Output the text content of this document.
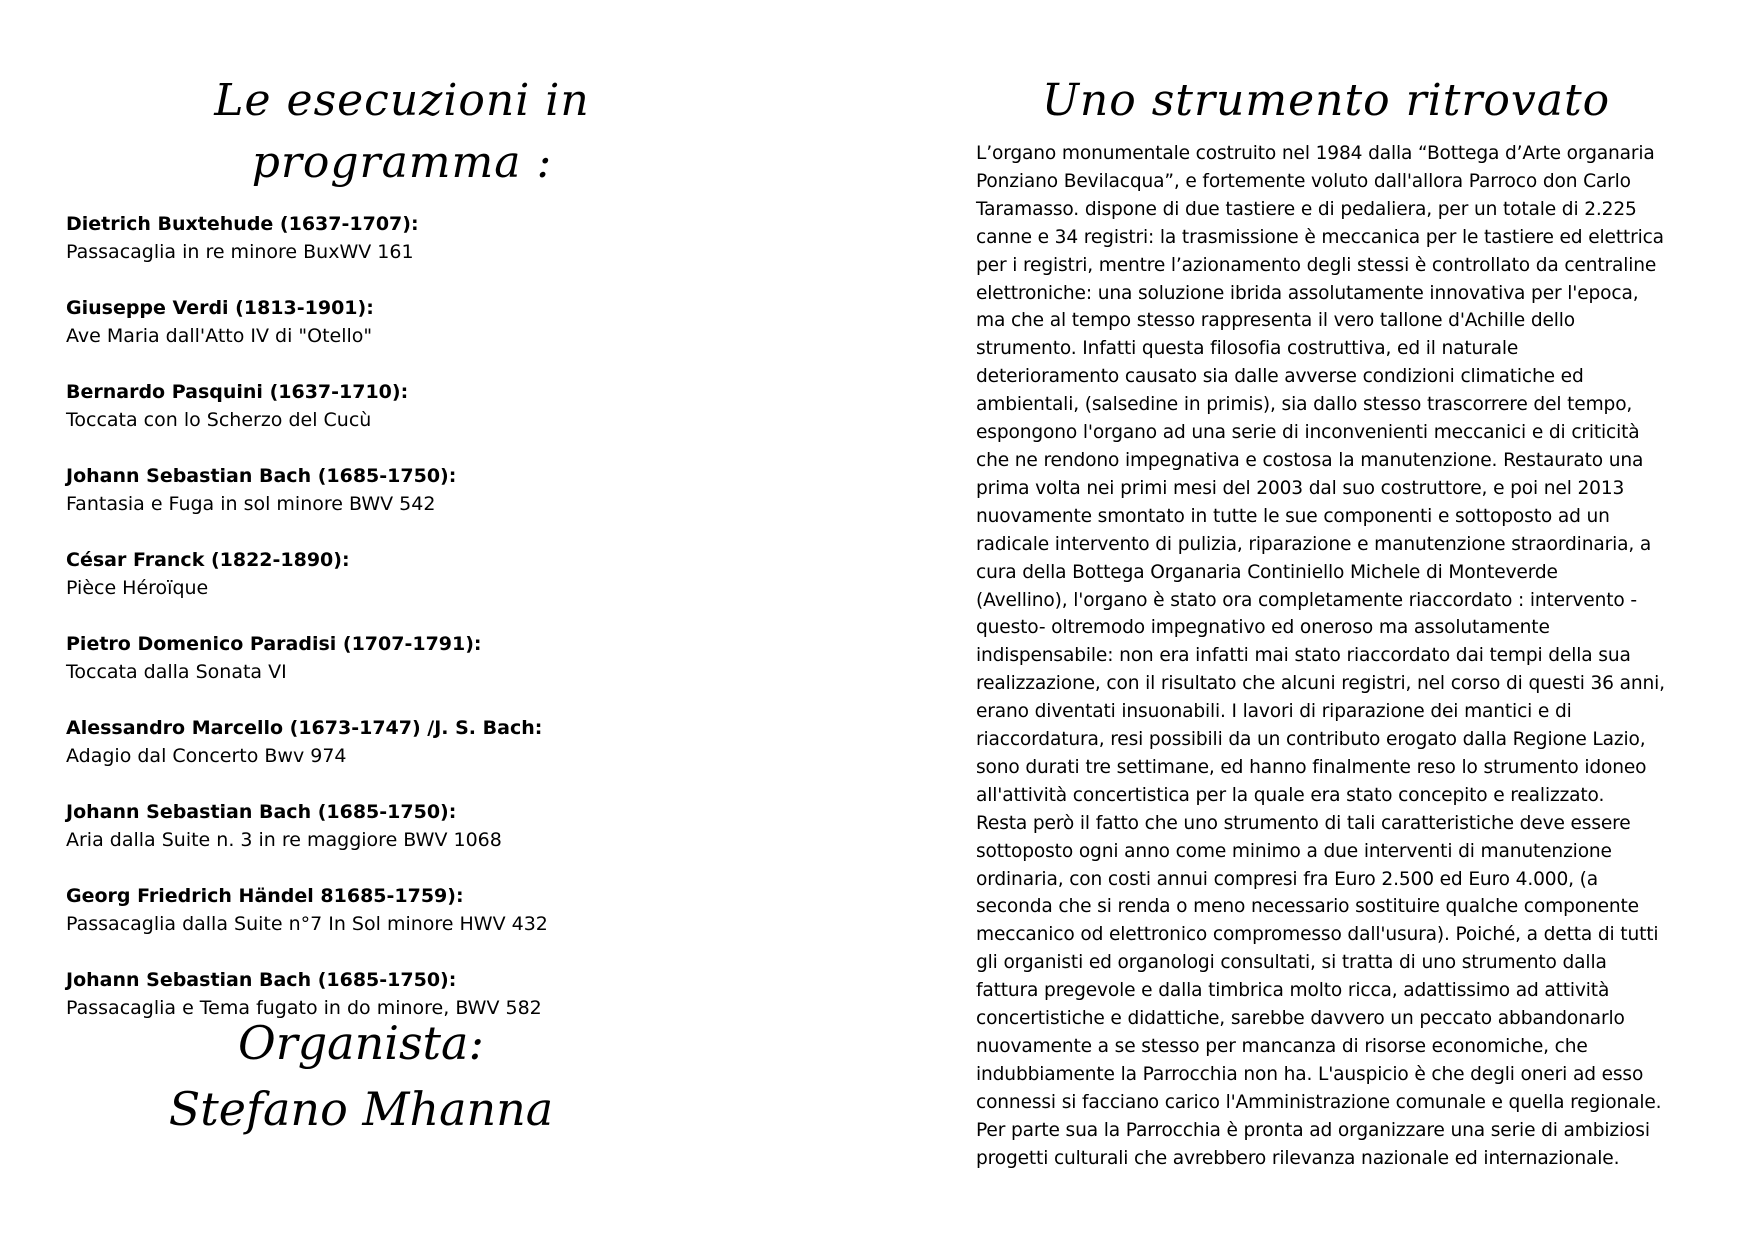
Le esecuzioni in programma :
Dietrich Buxtehude (1637-1707):
Passacaglia in re minore BuxWV 161
Giuseppe Verdi (1813-1901):
Ave Maria dall'Atto IV di "Otello"
Bernardo Pasquini (1637-1710):
Toccata con lo Scherzo del Cucù
Johann Sebastian Bach (1685-1750):
Fantasia e Fuga in sol minore BWV 542
César Franck (1822-1890):
Pièce Héroïque
Pietro Domenico Paradisi (1707-1791):
Toccata dalla Sonata VI
Alessandro Marcello (1673-1747) /J. S. Bach:
Adagio dal Concerto Bwv 974
Johann Sebastian Bach (1685-1750):
Aria dalla Suite n. 3 in re maggiore BWV 1068
Georg Friedrich Händel 81685-1759):
Passacaglia dalla Suite n°7 In Sol minore HWV 432
Johann Sebastian Bach (1685-1750):
Passacaglia e Tema fugato in do minore, BWV 582
Organista:
Stefano Mhanna
Uno strumento ritrovato

L’organo monumentale costruito nel 1984 dalla “Bottega d’Arte organaria
Ponziano Bevilacqua”, e fortemente voluto dall'allora Parroco don Carlo
Taramasso. dispone di due tastiere e di pedaliera, per un totale di 2.225
canne e 34 registri: la trasmissione è meccanica per le tastiere ed elettrica
per i registri, mentre l’azionamento degli stessi è controllato da centraline
elettroniche: una soluzione ibrida assolutamente innovativa per l'epoca,
ma che al tempo stesso rappresenta il vero tallone d'Achille dello
strumento. Infatti questa filosofia costruttiva, ed il naturale
deterioramento causato sia dalle avverse condizioni climatiche ed
ambientali, (salsedine in primis), sia dallo stesso trascorrere del tempo,
espongono l'organo ad una serie di inconvenienti meccanici e di criticità
che ne rendono impegnativa e costosa la manutenzione. Restaurato una
prima volta nei primi mesi del 2003 dal suo costruttore, e poi nel 2013
nuovamente smontato in tutte le sue componenti e sottoposto ad un
radicale intervento di pulizia, riparazione e manutenzione straordinaria, a
cura della Bottega Organaria Continiello Michele di Monteverde
(Avellino), l'organo è stato ora completamente riaccordato : intervento -
questo- oltremodo impegnativo ed oneroso ma assolutamente
indispensabile: non era infatti mai stato riaccordato dai tempi della sua
realizzazione, con il risultato che alcuni registri, nel corso di questi 36 anni,
erano diventati insuonabili. I lavori di riparazione dei mantici e di
riaccordatura, resi possibili da un contributo erogato dalla Regione Lazio,
sono durati tre settimane, ed hanno finalmente reso lo strumento idoneo
all'attività concertistica per la quale era stato concepito e realizzato.
Resta però il fatto che uno strumento di tali caratteristiche deve essere
sottoposto ogni anno come minimo a due interventi di manutenzione
ordinaria, con costi annui compresi fra Euro 2.500 ed Euro 4.000, (a
seconda che si renda o meno necessario sostituire qualche componente
meccanico od elettronico compromesso dall'usura). Poiché, a detta di tutti
gli organisti ed organologi consultati, si tratta di uno strumento dalla
fattura pregevole e dalla timbrica molto ricca, adattissimo ad attività
concertistiche e didattiche, sarebbe davvero un peccato abbandonarlo
nuovamente a se stesso per mancanza di risorse economiche, che
indubbiamente la Parrocchia non ha. L'auspicio è che degli oneri ad esso
connessi si facciano carico l'Amministrazione comunale e quella regionale.
Per parte sua la Parrocchia è pronta ad organizzare una serie di ambiziosi
progetti culturali che avrebbero rilevanza nazionale ed internazionale.
